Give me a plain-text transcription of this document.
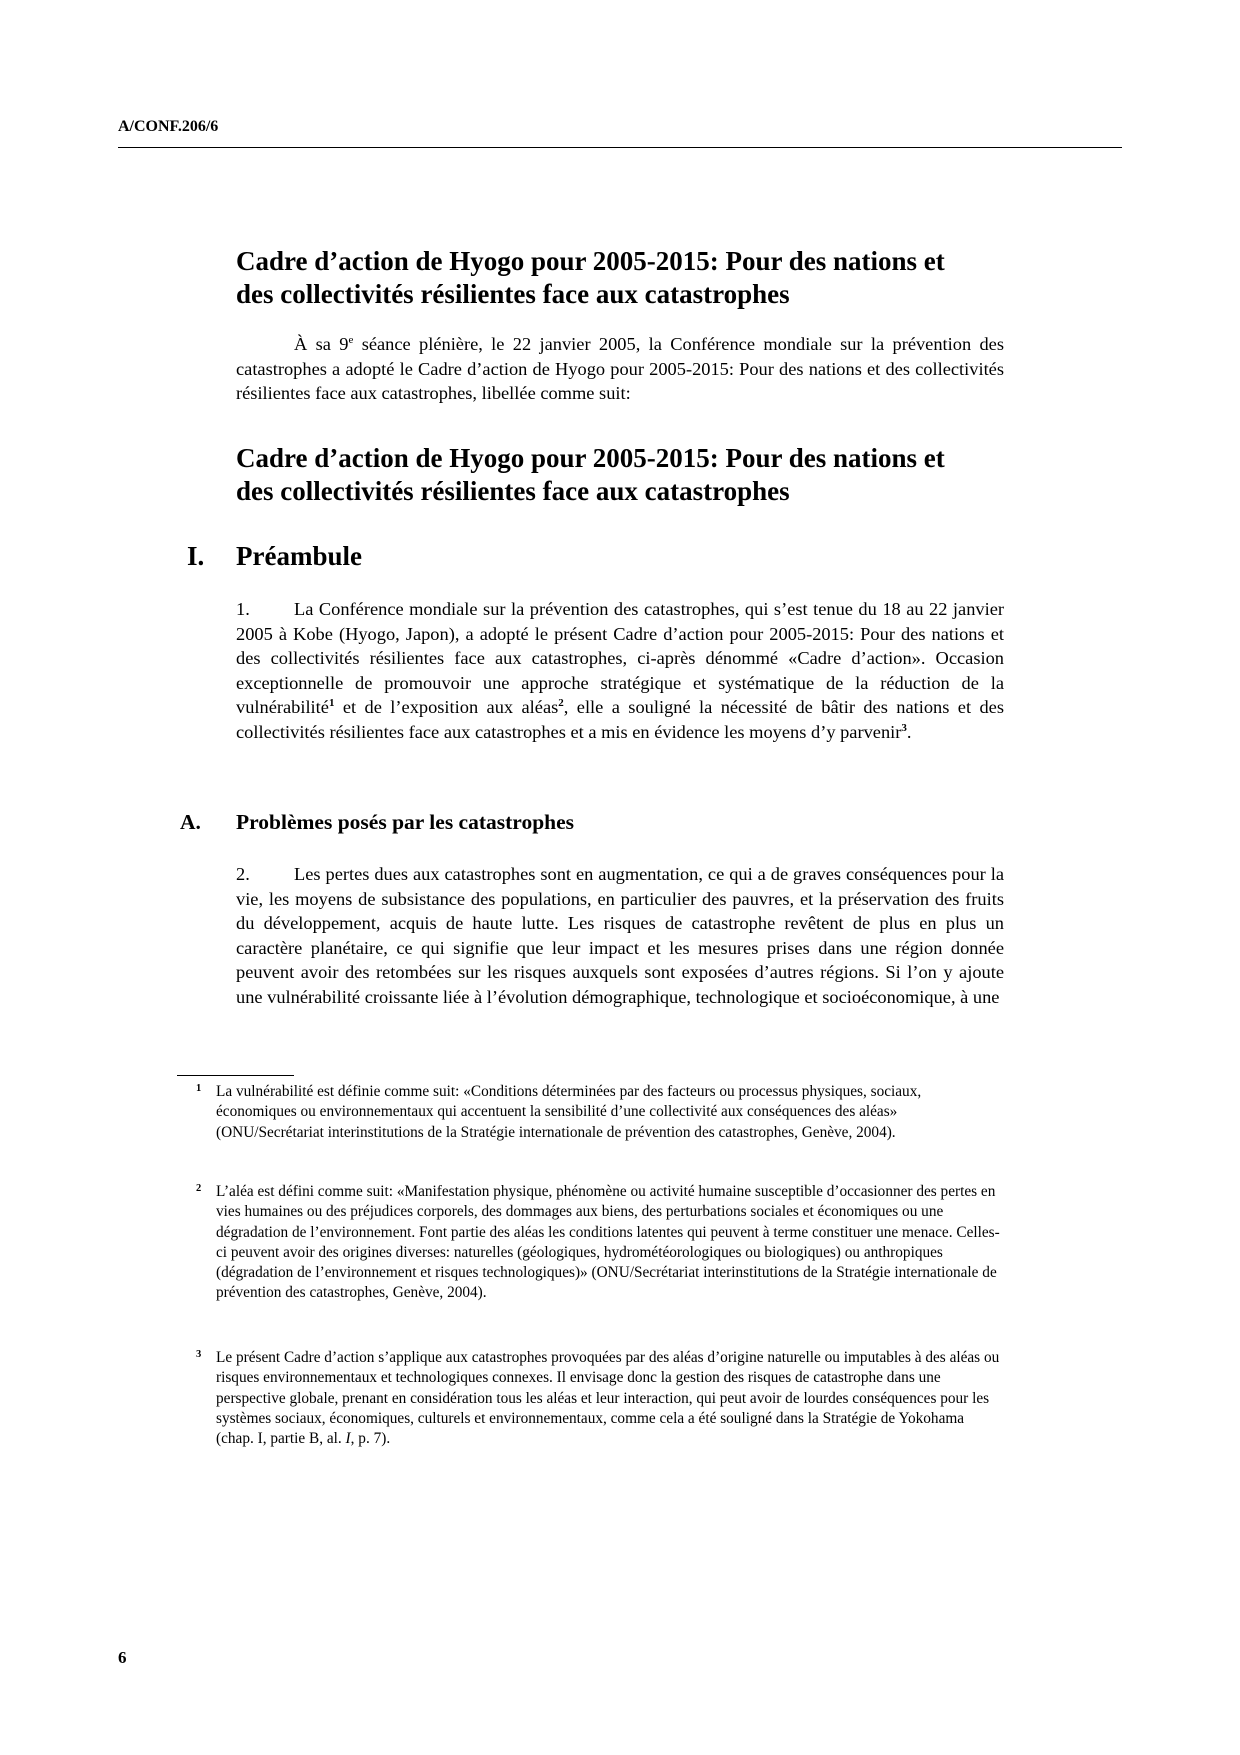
A/CONF.206/6
Cadre d’action de Hyogo pour 2005-2015: Pour des nations et
des collectivités résilientes face aux catastrophes
À sa 9e séance plénière, le 22 janvier 2005, la Conférence mondiale sur la prévention des catastrophes a adopté le Cadre d’action de Hyogo pour 2005-2015: Pour des nations et des collectivités résilientes face aux catastrophes, libellée comme suit:
Cadre d’action de Hyogo pour 2005-2015: Pour des nations et
des collectivités résilientes face aux catastrophes
I. Préambule
1. La Conférence mondiale sur la prévention des catastrophes, qui s’est tenue du 18 au 22 janvier 2005 à Kobe (Hyogo, Japon), a adopté le présent Cadre d’action pour 2005-2015: Pour des nations et des collectivités résilientes face aux catastrophes, ci-après dénommé «Cadre d’action». Occasion exceptionnelle de promouvoir une approche stratégique et systématique de la réduction de la vulnérabilité$^1$ et de l’exposition aux aléas$^2$, elle a souligné la nécessité de bâtir des nations et des collectivités résilientes face aux catastrophes et a mis en évidence les moyens d’y parvenir$^3$.
A. Problèmes posés par les catastrophes
2. Les pertes dues aux catastrophes sont en augmentation, ce qui a de graves conséquences pour la vie, les moyens de subsistance des populations, en particulier des pauvres, et la préservation des fruits du développement, acquis de haute lutte. Les risques de catastrophe revêtent de plus en plus un caractère planétaire, ce qui signifie que leur impact et les mesures prises dans une région donnée peuvent avoir des retombées sur les risques auxquels sont exposées d’autres régions. Si l’on y ajoute une vulnérabilité croissante liée à l’évolution démographique, technologique et socioéconomique, à une
1 La vulnérabilité est définie comme suit: «Conditions déterminées par des facteurs ou processus physiques, sociaux, économiques ou environnementaux qui accentuent la sensibilité d’une collectivité aux conséquences des aléas» (ONU/Secrétariat interinstitutions de la Stratégie internationale de prévention des catastrophes, Genève, 2004).
2 L’aléa est défini comme suit: «Manifestation physique, phénomène ou activité humaine susceptible d’occasionner des pertes en vies humaines ou des préjudices corporels, des dommages aux biens, des perturbations sociales et économiques ou une dégradation de l’environnement. Font partie des aléas les conditions latentes qui peuvent à terme constituer une menace. Celles-ci peuvent avoir des origines diverses: naturelles (géologiques, hydrométéorologiques ou biologiques) ou anthropiques (dégradation de l’environnement et risques technologiques)» (ONU/Secrétariat interinstitutions de la Stratégie internationale de prévention des catastrophes, Genève, 2004).
3 Le présent Cadre d’action s’applique aux catastrophes provoquées par des aléas d’origine naturelle ou imputables à des aléas ou risques environnementaux et technologiques connexes. Il envisage donc la gestion des risques de catastrophe dans une perspective globale, prenant en considération tous les aléas et leur interaction, qui peut avoir de lourdes conséquences pour les systèmes sociaux, économiques, culturels et environnementaux, comme cela a été souligné dans la Stratégie de Yokohama (chap. I, partie B, al. I, p. 7).
6
